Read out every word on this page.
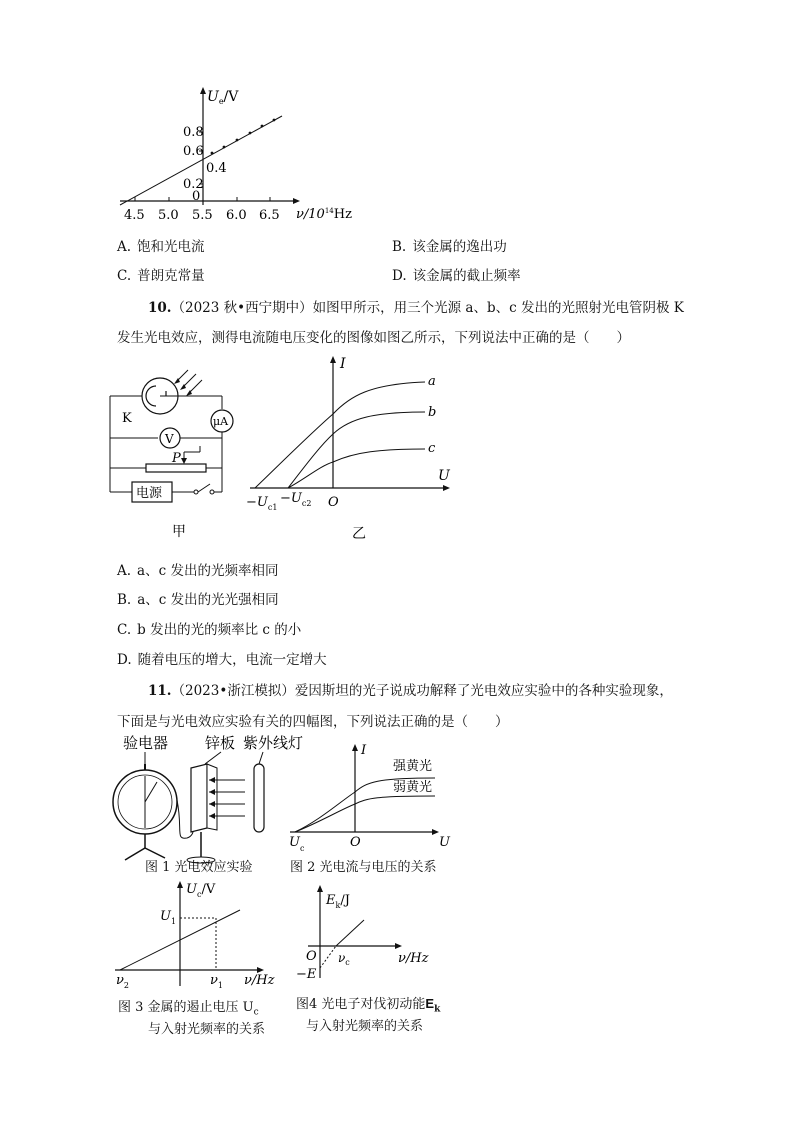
0.8
0.6
0.4
0.2
0
4.5 5.0 5.5 6.0 6.5
$U_e/V$
$\nu/10^{14}Hz$
A. 饱和光电流	B. 该金属的逸出功
C. 普朗克常量	D. 该金属的截止频率
10.（2023 秋•西宁期中）如图甲所示，用三个光源 a、b、c 发出的光照射光电管阴极 K
发生光电效应，测得电流随电压变化的图像如图乙所示，下列说法中正确的是（　　）
K	μA
V
P
电源
甲
I
U
a
b
c
O
$-U_{c1}$
$-U_{c2}$
乙
A. a、c 发出的光频率相同
B. a、c 发出的光光强相同
C. b 发出的光的频率比 c 的小
D. 随着电压的增大，电流一定增大
11.（2023•浙江模拟）爱因斯坦的光子说成功解释了光电效应实验中的各种实验现象，
下面是与光电效应实验有关的四幅图，下列说法正确的是（　　）
验电器 锌板 紫外线灯
图 1 光电效应实验
I
U
O
$U_c$
强黄光
弱黄光
图 2 光电流与电压的关系
$U_c/V$
$U_1$
$\nu_1$
$\nu_2$	ν/Hz
图 3 金属的遏止电压 $U_c$
与入射光频率的关系
$E_k/J$
O
−E
$\nu_c$	ν/Hz
图4 光电子对伐初动能$E_k$
与入射光频率的关系
